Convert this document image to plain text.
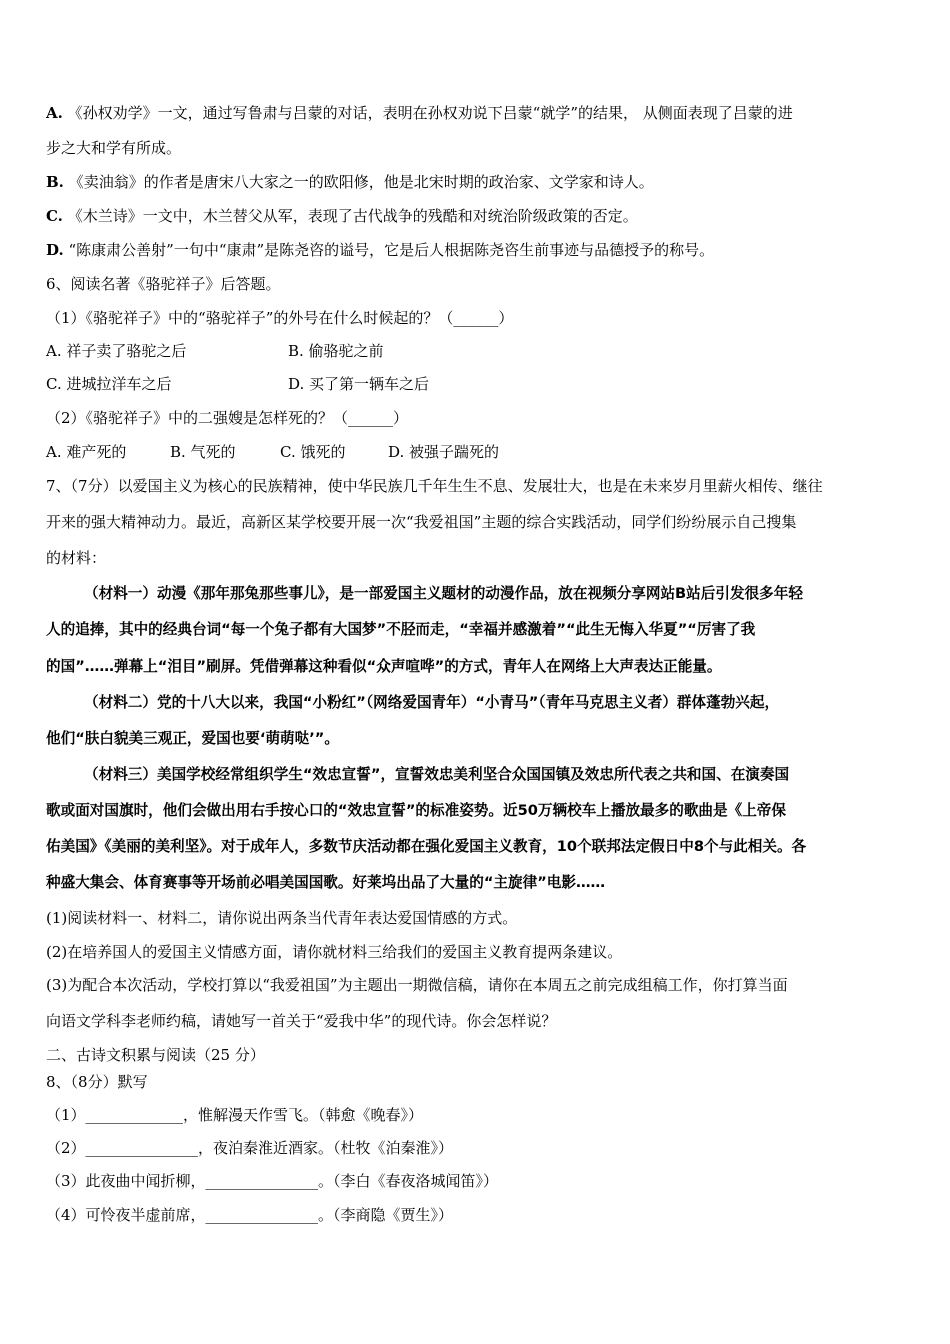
A. 《孙权劝学》一文，通过写鲁肃与吕蒙的对话，表明在孙权劝说下吕蒙“就学”的结果， 从侧面表现了吕蒙的进
步之大和学有所成。
B. 《卖油翁》的作者是唐宋八大家之一的欧阳修，他是北宋时期的政治家、文学家和诗人。
C. 《木兰诗》一文中，木兰替父从军，表现了古代战争的残酷和对统治阶级政策的否定。
D. “陈康肃公善射”一句中“康肃”是陈尧咨的谥号，它是后人根据陈尧咨生前事迹与品德授予的称号。
6、阅读名著《骆驼祥子》后答题。
（1）《骆驼祥子》中的“骆驼祥子”的外号在什么时候起的？（______）
A. 祥子卖了骆驼之后	B. 偷骆驼之前
C. 进城拉洋车之后	D. 买了第一辆车之后
（2）《骆驼祥子》中的二强嫂是怎样死的？（______）
A. 难产死的	B. 气死的	C. 饿死的	D. 被强子踹死的
7、（7分）以爱国主义为核心的民族精神，使中华民族几千年生生不息、发展壮大，也是在未来岁月里薪火相传、继往
开来的强大精神动力。最近，高新区某学校要开展一次“我爱祖国”主题的综合实践活动，同学们纷纷展示自己搜集
的材料：
（材料一）动漫《那年那兔那些事儿》，是一部爱国主义题材的动漫作品，放在视频分享网站B站后引发很多年轻
人的追捧，其中的经典台词“每一个兔子都有大国梦”不胫而走，“幸福并感激着”“此生无悔入华夏”“厉害了我
的国”……弹幕上“泪目”刷屏。凭借弹幕这种看似“众声喧哗”的方式，青年人在网络上大声表达正能量。
（材料二）党的十八大以来，我国“小粉红”（网络爱国青年）“小青马”（青年马克思主义者）群体蓬勃兴起，
他们“肤白貌美三观正，爱国也要‘萌萌哒’”。
（材料三）美国学校经常组织学生“效忠宣誓”，宣誓效忠美利坚合众国国镇及效忠所代表之共和国、在演奏国
歌或面对国旗时，他们会做出用右手按心口的“效忠宣誓”的标准姿势。近50万辆校车上播放最多的歌曲是《上帝保
佑美国》《美丽的美利坚》。对于成年人，多数节庆活动都在强化爱国主义教育，10个联邦法定假日中8个与此相关。各
种盛大集会、体育赛事等开场前必唱美国国歌。好莱坞出品了大量的“主旋律”电影……
(1)阅读材料一、材料二，请你说出两条当代青年表达爱国情感的方式。
(2)在培养国人的爱国主义情感方面，请你就材料三给我们的爱国主义教育提两条建议。
(3)为配合本次活动，学校打算以“我爱祖国”为主题出一期微信稿，请你在本周五之前完成组稿工作，你打算当面
向语文学科李老师约稿，请她写一首关于“爱我中华”的现代诗。你会怎样说？
二、古诗文积累与阅读（25 分）
8、（8分）默写
（1）_____________，惟解漫天作雪飞。（韩愈《晚春》）
（2）_______________，夜泊秦淮近酒家。（杜牧《泊秦淮》）
（3）此夜曲中闻折柳，_______________。（李白《春夜洛城闻笛》）
（4）可怜夜半虚前席，_______________。（李商隐《贾生》）
